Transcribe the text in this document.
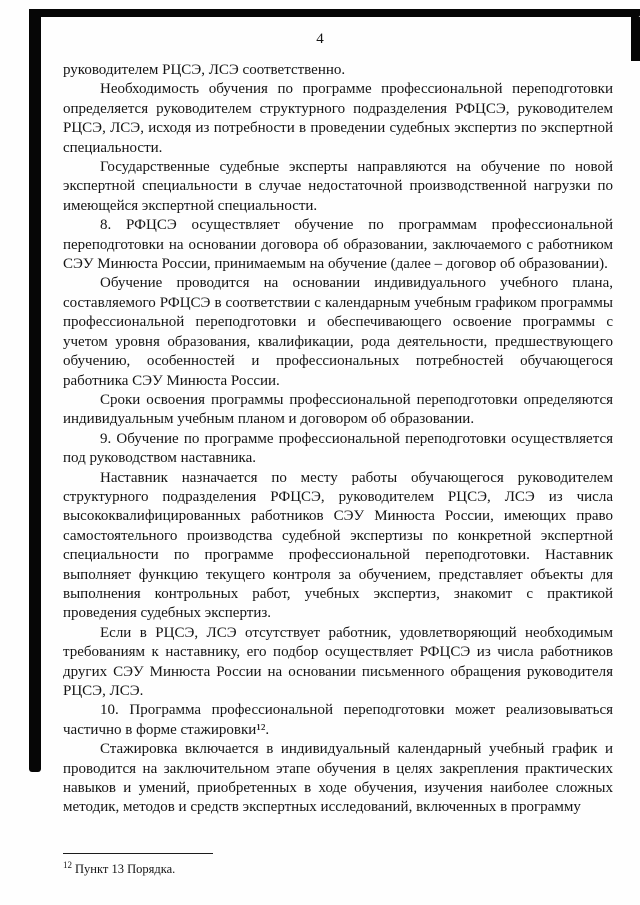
4

руководителем РЦСЭ, ЛСЭ соответственно.

Необходимость обучения по программе профессиональной переподготовки определяется руководителем структурного подразделения РФЦСЭ, руководителем РЦСЭ, ЛСЭ, исходя из потребности в проведении судебных экспертиз по экспертной специальности.

Государственные судебные эксперты направляются на обучение по новой экспертной специальности в случае недостаточной производственной нагрузки по имеющейся экспертной специальности.

8. РФЦСЭ осуществляет обучение по программам профессиональной переподготовки на основании договора об образовании, заключаемого с работником СЭУ Минюста России, принимаемым на обучение (далее – договор об образовании).

Обучение проводится на основании индивидуального учебного плана, составляемого РФЦСЭ в соответствии с календарным учебным графиком программы профессиональной переподготовки и обеспечивающего освоение программы с учетом уровня образования, квалификации, рода деятельности, предшествующего обучению, особенностей и профессиональных потребностей обучающегося работника СЭУ Минюста России.

Сроки освоения программы профессиональной переподготовки определяются индивидуальным учебным планом и договором об образовании.

9. Обучение по программе профессиональной переподготовки осуществляется под руководством наставника.

Наставник назначается по месту работы обучающегося руководителем структурного подразделения РФЦСЭ, руководителем РЦСЭ, ЛСЭ из числа высококвалифицированных работников СЭУ Минюста России, имеющих право самостоятельного производства судебной экспертизы по конкретной экспертной специальности по программе профессиональной переподготовки. Наставник выполняет функцию текущего контроля за обучением, представляет объекты для выполнения контрольных работ, учебных экспертиз, знакомит с практикой проведения судебных экспертиз.

Если в РЦСЭ, ЛСЭ отсутствует работник, удовлетворяющий необходимым требованиям к наставнику, его подбор осуществляет РФЦСЭ из числа работников других СЭУ Минюста России на основании письменного обращения руководителя РЦСЭ, ЛСЭ.

10. Программа профессиональной переподготовки может реализовываться частично в форме стажировки¹².

Стажировка включается в индивидуальный календарный учебный график и проводится на заключительном этапе обучения в целях закрепления практических навыков и умений, приобретенных в ходе обучения, изучения наиболее сложных методик, методов и средств экспертных исследований, включенных в программу

$^{12}$ Пункт 13 Порядка.
